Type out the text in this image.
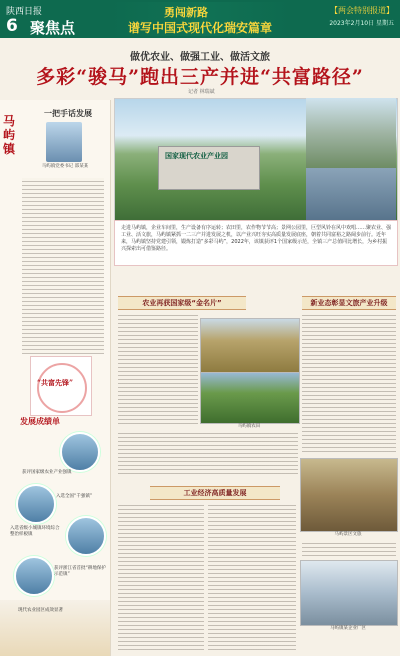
陕西日报
6 聚焦点
勇闯新路
谱写中国式现代化瑞安篇章
【两会特别报道】
2023年2月10日 星期五
做优农业、做强工业、做活文旅
多彩“骏马”跑出三产并进“共富路径”
记者 林瑞斌
马屿镇
一把手话发展
马屿镇党委书记 邵某某
“共富先锋”
发展成绩单
获评国家级农业产业强镇
入选全国“千强镇”
入选省级小城镇环境综合整治样板镇
获评浙江省首批“耕地保护示范镇”
现代农业园区成效显著
国家现代农业产业园
走进马屿镇，企业车间里，生产设备有序运转；农田里，农作物节节高；景网公园里，巨型风铃在风中欢唱……聚农业、强工业、活文旅，马屿镇紧抓一二三产并进发展之机，以产业兴旺夯实高质量发展底座，朝着共同富裕之路阔步前行。近年来，马屿镇坚持党建引领，锻炼打造“多彩马屿”，2022年，该镇获评1个国家级示范，全镇三产总值同比增长，为乡村振兴探索出可借鉴路径。
农业再获国家级“金名片”
马屿镇农田
新业态彰显文旅产业升级
马屿景区文旅
马屿镇某企业厂区
工业经济高质量发展
